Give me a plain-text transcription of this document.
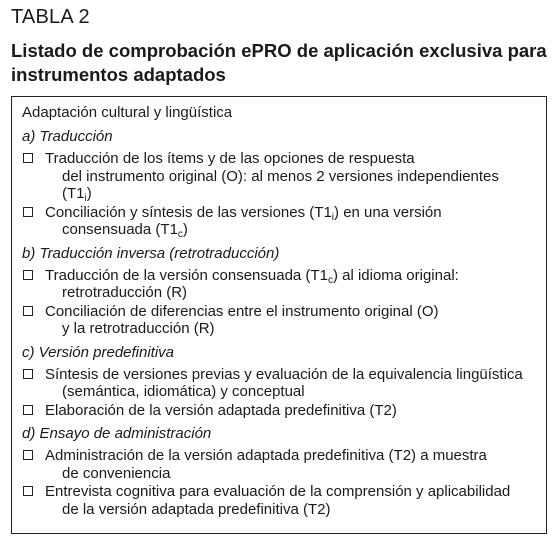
TABLA 2
Listado de comprobación ePRO de aplicación exclusiva para instrumentos adaptados
Adaptación cultural y lingüística
a) Traducción
Traducción de los ítems y de las opciones de respuesta
del instrumento original (O): al menos 2 versiones independientes
$(T1_i)$
Conciliación y síntesis de las versiones $(T1_i)$ en una versión
consensuada $(T1_c)$
b) Traducción inversa (retrotraducción)
Traducción de la versión consensuada $(T1_c)$ al idioma original:
retrotraducción (R)
Conciliación de diferencias entre el instrumento original (O)
y la retrotraducción (R)
c) Versión predefinitiva
Síntesis de versiones previas y evaluación de la equivalencia lingüística
(semántica, idiomática) y conceptual
Elaboración de la versión adaptada predefinitiva (T2)
d) Ensayo de administración
Administración de la versión adaptada predefinitiva (T2) a muestra
de conveniencia
Entrevista cognitiva para evaluación de la comprensión y aplicabilidad
de la versión adaptada predefinitiva (T2)
